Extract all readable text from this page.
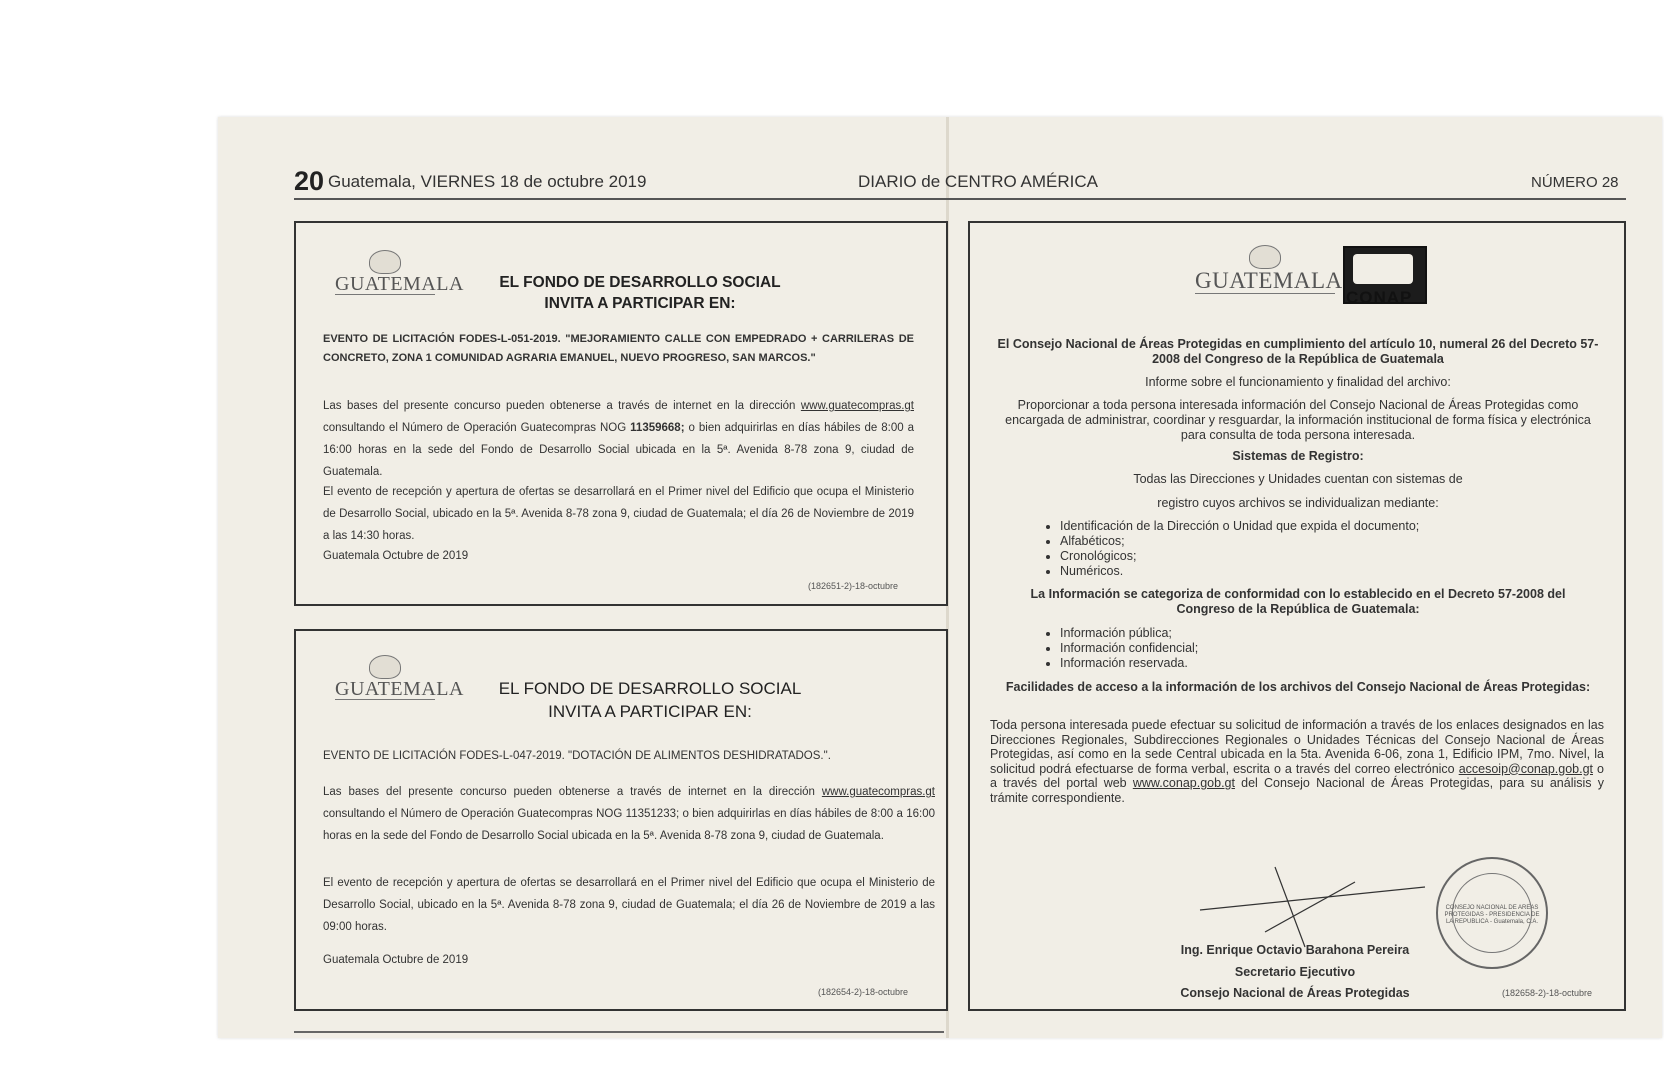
20 Guatemala, VIERNES 18 de octubre 2019	DIARIO de CENTRO AMÉRICA	NÚMERO 28
GUATEMALA	EL FONDO DE DESARROLLO SOCIAL
INVITA A PARTICIPAR EN:
EVENTO DE LICITACIÓN FODES-L-051-2019. "MEJORAMIENTO CALLE CON EMPEDRADO + CARRILERAS DE CONCRETO, ZONA 1 COMUNIDAD AGRARIA EMANUEL, NUEVO PROGRESO, SAN MARCOS."
Las bases del presente concurso pueden obtenerse a través de internet en la dirección www.guatecompras.gt consultando el Número de Operación Guatecompras NOG 11359668; o bien adquirirlas en días hábiles de 8:00 a 16:00 horas en la sede del Fondo de Desarrollo Social ubicada en la 5ª. Avenida 8-78 zona 9, ciudad de Guatemala.
El evento de recepción y apertura de ofertas se desarrollará en el Primer nivel del Edificio que ocupa el Ministerio de Desarrollo Social, ubicado en la 5ª. Avenida 8-78 zona 9, ciudad de Guatemala; el día 26 de Noviembre de 2019 a las 14:30 horas.
Guatemala Octubre de 2019
(182651-2)-18-octubre
GUATEMALA	EL FONDO DE DESARROLLO SOCIAL
INVITA A PARTICIPAR EN:
EVENTO DE LICITACIÓN FODES-L-047-2019. "DOTACIÓN DE ALIMENTOS DESHIDRATADOS.".
Las bases del presente concurso pueden obtenerse a través de internet en la dirección www.guatecompras.gt consultando el Número de Operación Guatecompras NOG 11351233; o bien adquirirlas en días hábiles de 8:00 a 16:00 horas en la sede del Fondo de Desarrollo Social ubicada en la 5ª. Avenida 8-78 zona 9, ciudad de Guatemala.
El evento de recepción y apertura de ofertas se desarrollará en el Primer nivel del Edificio que ocupa el Ministerio de Desarrollo Social, ubicado en la 5ª. Avenida 8-78 zona 9, ciudad de Guatemala; el día 26 de Noviembre de 2019 a las 09:00 horas.
Guatemala Octubre de 2019
(182654-2)-18-octubre
GUATEMALA
CONAP
El Consejo Nacional de Áreas Protegidas en cumplimiento del artículo 10, numeral 26 del Decreto 57-2008 del Congreso de la República de Guatemala
Informe sobre el funcionamiento y finalidad del archivo:
Proporcionar a toda persona interesada información del Consejo Nacional de Áreas Protegidas como encargada de administrar, coordinar y resguardar, la información institucional de forma física y electrónica para consulta de toda persona interesada.
Sistemas de Registro:
Todas las Direcciones y Unidades cuentan con sistemas de
registro cuyos archivos se individualizan mediante:
• Identificación de la Dirección o Unidad que expida el documento;
• Alfabéticos;
• Cronológicos;
• Numéricos.
La Información se categoriza de conformidad con lo establecido en el Decreto 57-2008 del Congreso de la República de Guatemala:
• Información pública;
• Información confidencial;
• Información reservada.
Facilidades de acceso a la información de los archivos del Consejo Nacional de Áreas Protegidas:
Toda persona interesada puede efectuar su solicitud de información a través de los enlaces designados en las Direcciones Regionales, Subdirecciones Regionales o Unidades Técnicas del Consejo Nacional de Áreas Protegidas, así como en la sede Central ubicada en la 5ta. Avenida 6-06, zona 1, Edificio IPM, 7mo. Nivel, la solicitud podrá efectuarse de forma verbal, escrita o a través del correo electrónico accesoip@conap.gob.gt o a través del portal web www.conap.gob.gt del Consejo Nacional de Áreas Protegidas, para su análisis y trámite correspondiente.
CONSEJO NACIONAL DE AREAS PROTEGIDAS - PRESIDENCIA DE LA REPUBLICA - Guatemala, C.A.
Ing. Enrique Octavio Barahona Pereira
Secretario Ejecutivo
Consejo Nacional de Áreas Protegidas	(182658-2)-18-octubre
